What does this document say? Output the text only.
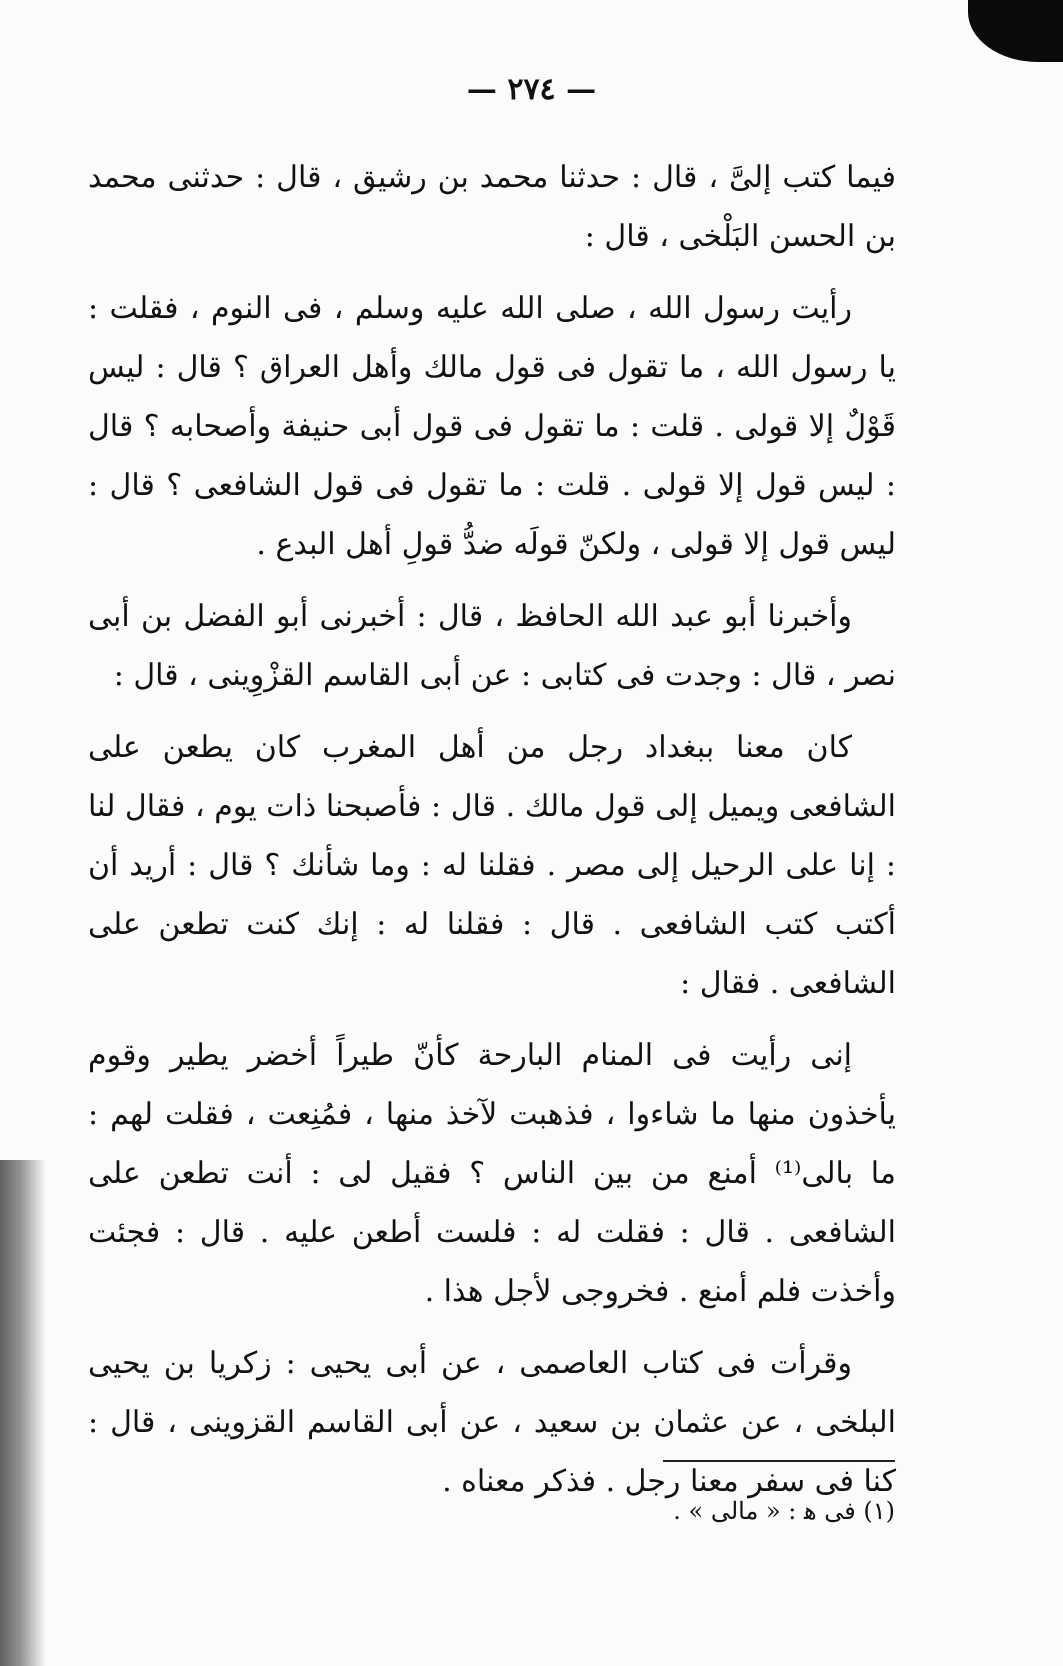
— ٢٧٤ —

فيما كتب إلىَّ ، قال : حدثنا محمد بن رشيق ، قال : حدثنى محمد بن الحسن البَلْخى ، قال :

رأيت رسول الله ، صلى الله عليه وسلم ، فى النوم ، فقلت : يا رسول الله ، ما تقول فى قول مالك وأهل العراق ؟ قال : ليس قَوْلٌ إلا قولى . قلت : ما تقول فى قول أبى حنيفة وأصحابه ؟ قال : ليس قول إلا قولى . قلت : ما تقول فى قول الشافعى ؟ قال : ليس قول إلا قولى ، ولكنّ قولَه ضدُّ قولِ أهل البدع .

وأخبرنا أبو عبد الله الحافظ ، قال : أخبرنى أبو الفضل بن أبى نصر ، قال : وجدت فى كتابى : عن أبى القاسم القزْوِينى ، قال :

كان معنا ببغداد رجل من أهل المغرب كان يطعن على الشافعى ويميل إلى قول مالك . قال : فأصبحنا ذات يوم ، فقال لنا : إنا على الرحيل إلى مصر . فقلنا له : وما شأنك ؟ قال : أريد أن أكتب كتب الشافعى . قال : فقلنا له : إنك كنت تطعن على الشافعى . فقال :

إنى رأيت فى المنام البارحة كأنّ طيراً أخضر يطير وقوم يأخذون منها ما شاءوا ، فذهبت لآخذ منها ، فمُنِعت ، فقلت لهم : ما بالى⁽¹⁾ أمنع من بين الناس ؟ فقيل لى : أنت تطعن على الشافعى . قال : فقلت له : فلست أطعن عليه . قال : فجئت وأخذت فلم أمنع . فخروجى لأجل هذا .

وقرأت فى كتاب العاصمى ، عن أبى يحيى : زكريا بن يحيى البلخى ، عن عثمان بن سعيد ، عن أبى القاسم القزوينى ، قال : كنا فى سفر معنا رجل . فذكر معناه .

(١) فى ﻫ : « مالى » .
